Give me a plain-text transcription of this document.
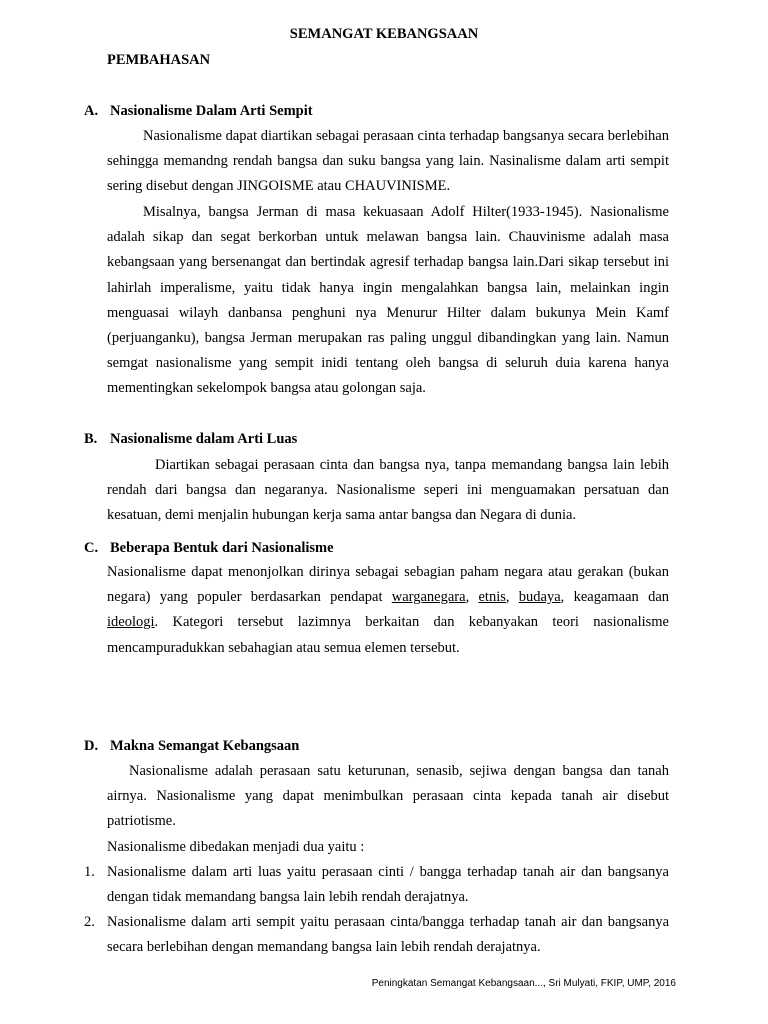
SEMANGAT KEBANGSAAN
PEMBAHASAN
A. Nasionalisme Dalam Arti Sempit

Nasionalisme dapat diartikan sebagai perasaan cinta terhadap bangsanya secara berlebihan sehingga memandng rendah bangsa dan suku bangsa yang lain. Nasinalisme dalam arti sempit sering disebut dengan JINGOISME atau CHAUVINISME.

Misalnya, bangsa Jerman di masa kekuasaan Adolf Hilter(1933-1945). Nasionalisme adalah sikap dan segat berkorban untuk melawan bangsa lain. Chauvinisme adalah masa kebangsaan yang bersenangat dan bertindak agresif terhadap bangsa lain.Dari sikap tersebut ini lahirlah imperalisme, yaitu tidak hanya ingin mengalahkan bangsa lain, melainkan ingin menguasai wilayh danbansa penghuni nya Menurur Hilter dalam bukunya Mein Kamf (perjuanganku), bangsa Jerman merupakan ras paling unggul dibandingkan yang lain. Namun semgat nasionalisme yang sempit inidi tentang oleh bangsa di seluruh duia karena hanya mementingkan sekelompok bangsa atau golongan saja.

B. Nasionalisme dalam Arti Luas

Diartikan sebagai perasaan cinta dan bangsa nya, tanpa memandang bangsa lain lebih rendah dari bangsa dan negaranya. Nasionalisme seperi ini menguamakan persatuan dan kesatuan, demi menjalin hubungan kerja sama antar bangsa dan Negara di dunia.

C. Beberapa Bentuk dari Nasionalisme

Nasionalisme dapat menonjolkan dirinya sebagai sebagian paham negara atau gerakan (bukan negara) yang populer berdasarkan pendapat warganegara, etnis, budaya, keagamaan dan ideologi. Kategori tersebut lazimnya berkaitan dan kebanyakan teori nasionalisme mencampuradukkan sebahagian atau semua elemen tersebut.

D. Makna Semangat Kebangsaan

Nasionalisme adalah perasaan satu keturunan, senasib, sejiwa dengan bangsa dan tanah airnya. Nasionalisme yang dapat menimbulkan perasaan cinta kepada tanah air disebut patriotisme.

Nasionalisme dibedakan menjadi dua yaitu :

1. Nasionalisme dalam arti luas yaitu perasaan cinti / bangga terhadap tanah air dan bangsanya dengan tidak memandang bangsa lain lebih rendah derajatnya.
2. Nasionalisme dalam arti sempit yaitu perasaan cinta/bangga terhadap tanah air dan bangsanya secara berlebihan dengan memandang bangsa lain lebih rendah derajatnya.

Peningkatan Semangat Kebangsaan..., Sri Mulyati, FKIP, UMP, 2016
